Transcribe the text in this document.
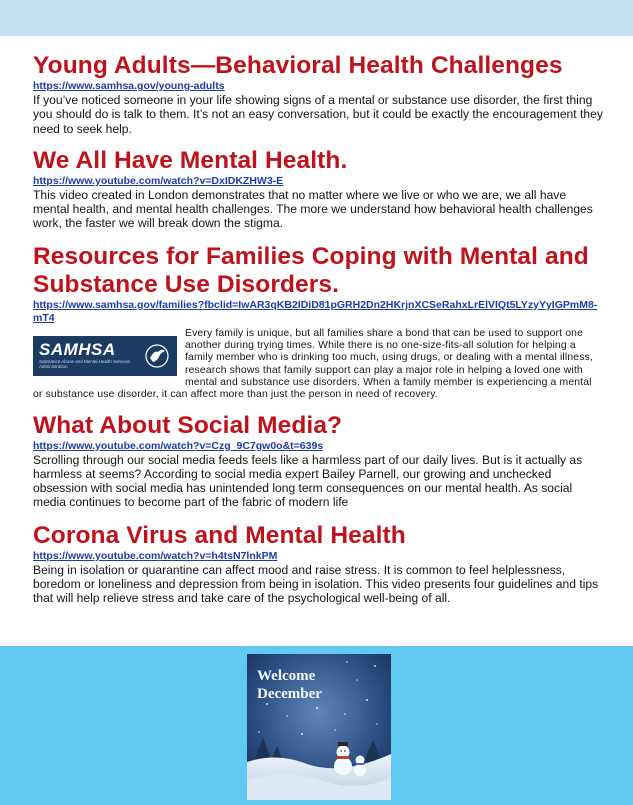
Young Adults—Behavioral Health Challenges
https://www.samhsa.gov/young-adults

If you’ve noticed someone in your life showing signs of a mental or substance use disorder, the first thing you should do is talk to them. It’s not an easy conversation, but it could be exactly the encouragement they need to seek help.

We All Have Mental Health.
https://www.youtube.com/watch?v=DxIDKZHW3-E

This video created in London demonstrates that no matter where we live or who we are, we all have mental health, and mental health challenges. The more we understand how behavioral health challenges work, the faster we will break down the stigma.

Resources for Families Coping with Mental and Substance Use Disorders.
https://www.samhsa.gov/families?fbclid=IwAR3qKB2IDiD81pGRH2Dn2HKrjnXCSeRahxLrElVIQt5LYzyYyIGPmM8-mT4
SAMHSA
Substance Abuse and Mental Health Services Administration

Every family is unique, but all families share a bond that can be used to support one another during trying times. While there is no one-size-fits-all solution for helping a family member who is drinking too much, using drugs, or dealing with a mental illness, research shows that family support can play a major role in helping a loved one with mental and substance use disorders. When a family member is experiencing a mental or substance use disorder, it can affect more than just the person in need of recovery.

What About Social Media?
https://www.youtube.com/watch?v=Czg_9C7gw0o&t=639s

Scrolling through our social media feeds feels like a harmless part of our daily lives. But is it actually as harmless at seems? According to social media expert Bailey Parnell, our growing and unchecked obsession with social media has unintended long term consequences on our mental health. As social media continues to become part of the fabric of modern life

Corona Virus and Mental Health
https://www.youtube.com/watch?v=h4tsN7lnkPM

Being in isolation or quarantine can affect mood and raise stress. It is common to feel helplessness, boredom or loneliness and depression from being in isolation. This video presents four guidelines and tips that will help relieve stress and take care of the psychological well-being of all.

Welcome
December
